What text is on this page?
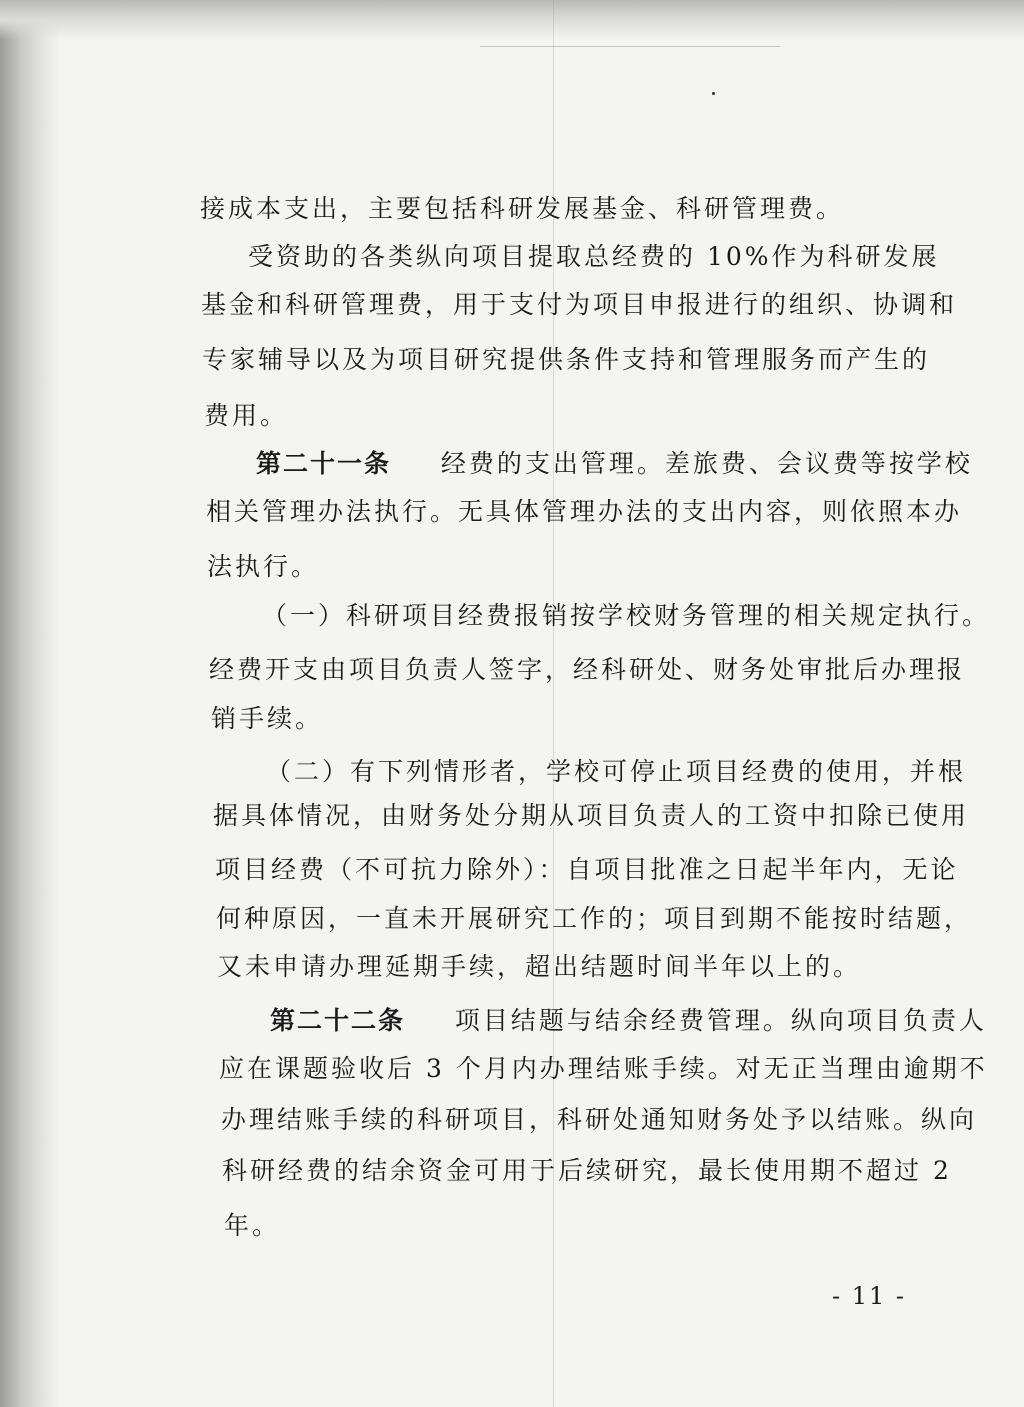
接成本支出，主要包括科研发展基金、科研管理费。
受资助的各类纵向项目提取总经费的 10%作为科研发展
基金和科研管理费，用于支付为项目申报进行的组织、协调和
专家辅导以及为项目研究提供条件支持和管理服务而产生的
费用。
第二十一条 经费的支出管理。差旅费、会议费等按学校
相关管理办法执行。无具体管理办法的支出内容，则依照本办
法执行。
（一）科研项目经费报销按学校财务管理的相关规定执行。
经费开支由项目负责人签字，经科研处、财务处审批后办理报
销手续。
（二）有下列情形者，学校可停止项目经费的使用，并根
据具体情况，由财务处分期从项目负责人的工资中扣除已使用
项目经费（不可抗力除外）：自项目批准之日起半年内，无论
何种原因，一直未开展研究工作的；项目到期不能按时结题，
又未申请办理延期手续，超出结题时间半年以上的。
第二十二条 项目结题与结余经费管理。纵向项目负责人
应在课题验收后 3 个月内办理结账手续。对无正当理由逾期不
办理结账手续的科研项目，科研处通知财务处予以结账。纵向
科研经费的结余资金可用于后续研究，最长使用期不超过 2
年。
- 11 -
